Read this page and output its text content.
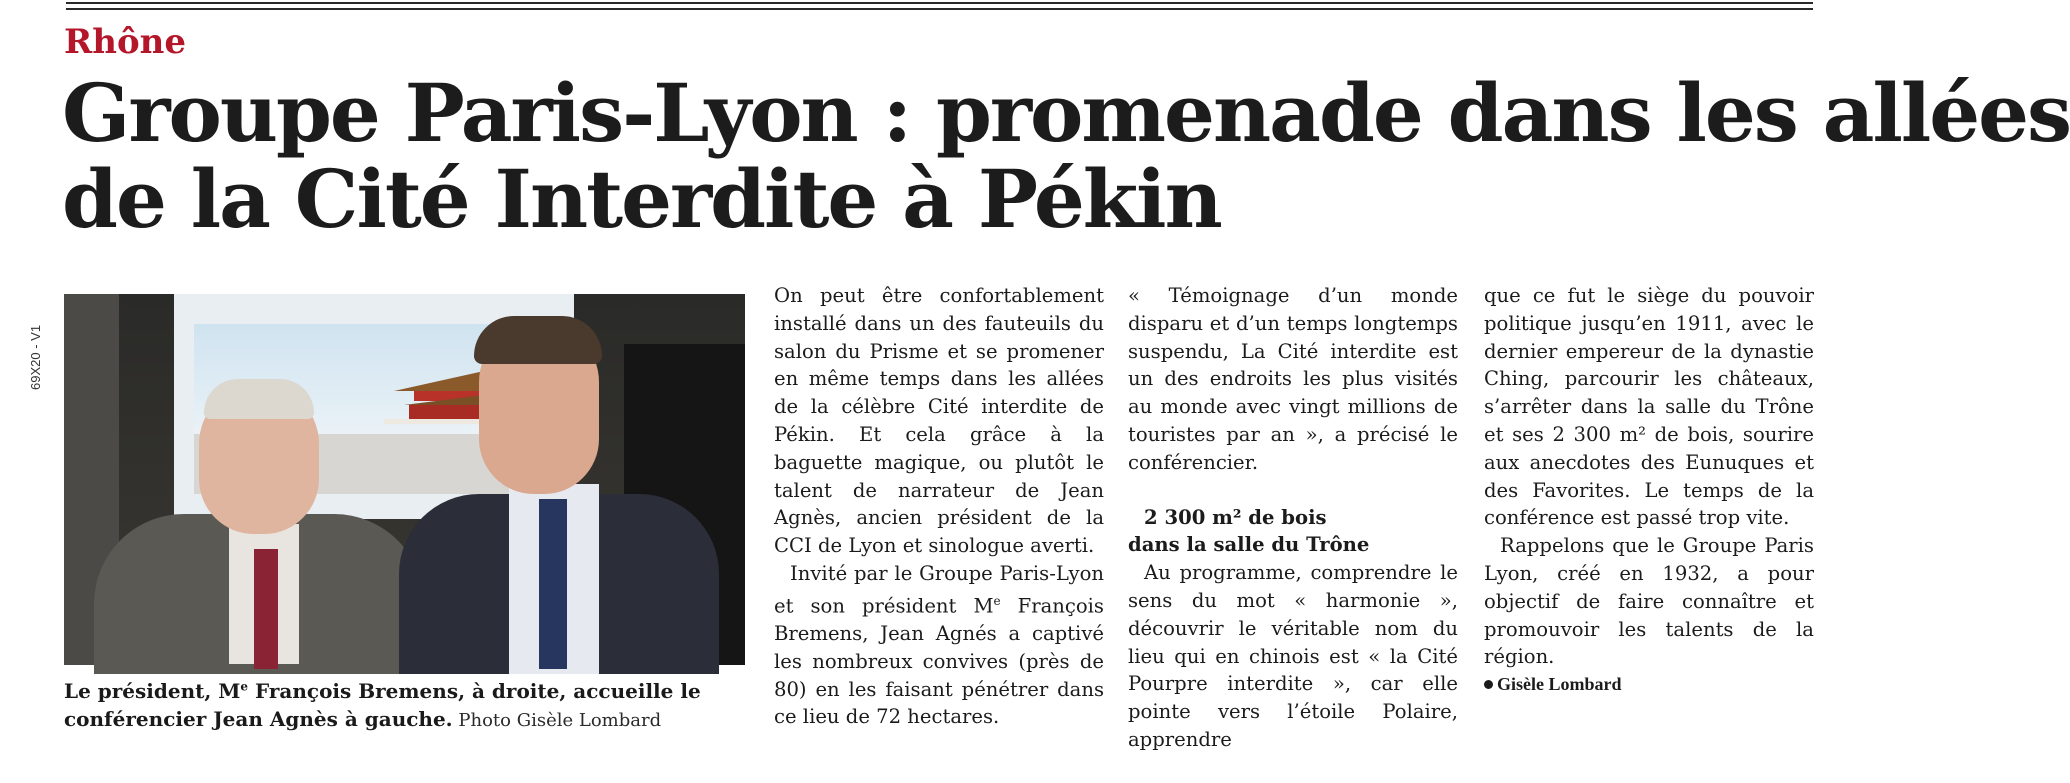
69X20 - V1
Rhône
Groupe Paris-Lyon : promenade dans les allées
de la Cité Interdite à Pékin
Le président, Me François Bremens, à droite, accueille le conférencier Jean Agnès à gauche. Photo Gisèle Lombard

On peut être confortablement installé dans un des fauteuils du salon du Prisme et se promener en même temps dans les allées de la célèbre Cité interdite de Pékin. Et cela grâce à la baguette magique, ou plutôt le talent de narrateur de Jean Agnès, ancien président de la CCI de Lyon et sinologue averti.

Invité par le Groupe Paris-Lyon et son président Me François Bremens, Jean Agnés a captivé les nombreux convives (près de 80) en les faisant pénétrer dans ce lieu de 72 hectares.

« Témoignage d’un monde disparu et d’un temps longtemps suspendu, La Cité interdite est un des endroits les plus visités au monde avec vingt millions de touristes par an », a précisé le conférencier.

2 300 m² de bois
dans la salle du Trône

Au programme, comprendre le sens du mot « harmonie », découvrir le véritable nom du lieu qui en chinois est « la Cité Pourpre interdite », car elle pointe vers l’étoile Polaire, apprendre

que ce fut le siège du pouvoir politique jusqu’en 1911, avec le dernier empereur de la dynastie Ching, parcourir les châteaux, s’arrêter dans la salle du Trône et ses 2 300 m² de bois, sourire aux anecdotes des Eunuques et des Favorites. Le temps de la conférence est passé trop vite.

Rappelons que le Groupe Paris Lyon, créé en 1932, a pour objectif de faire connaître et promouvoir les talents de la région.

Gisèle Lombard
